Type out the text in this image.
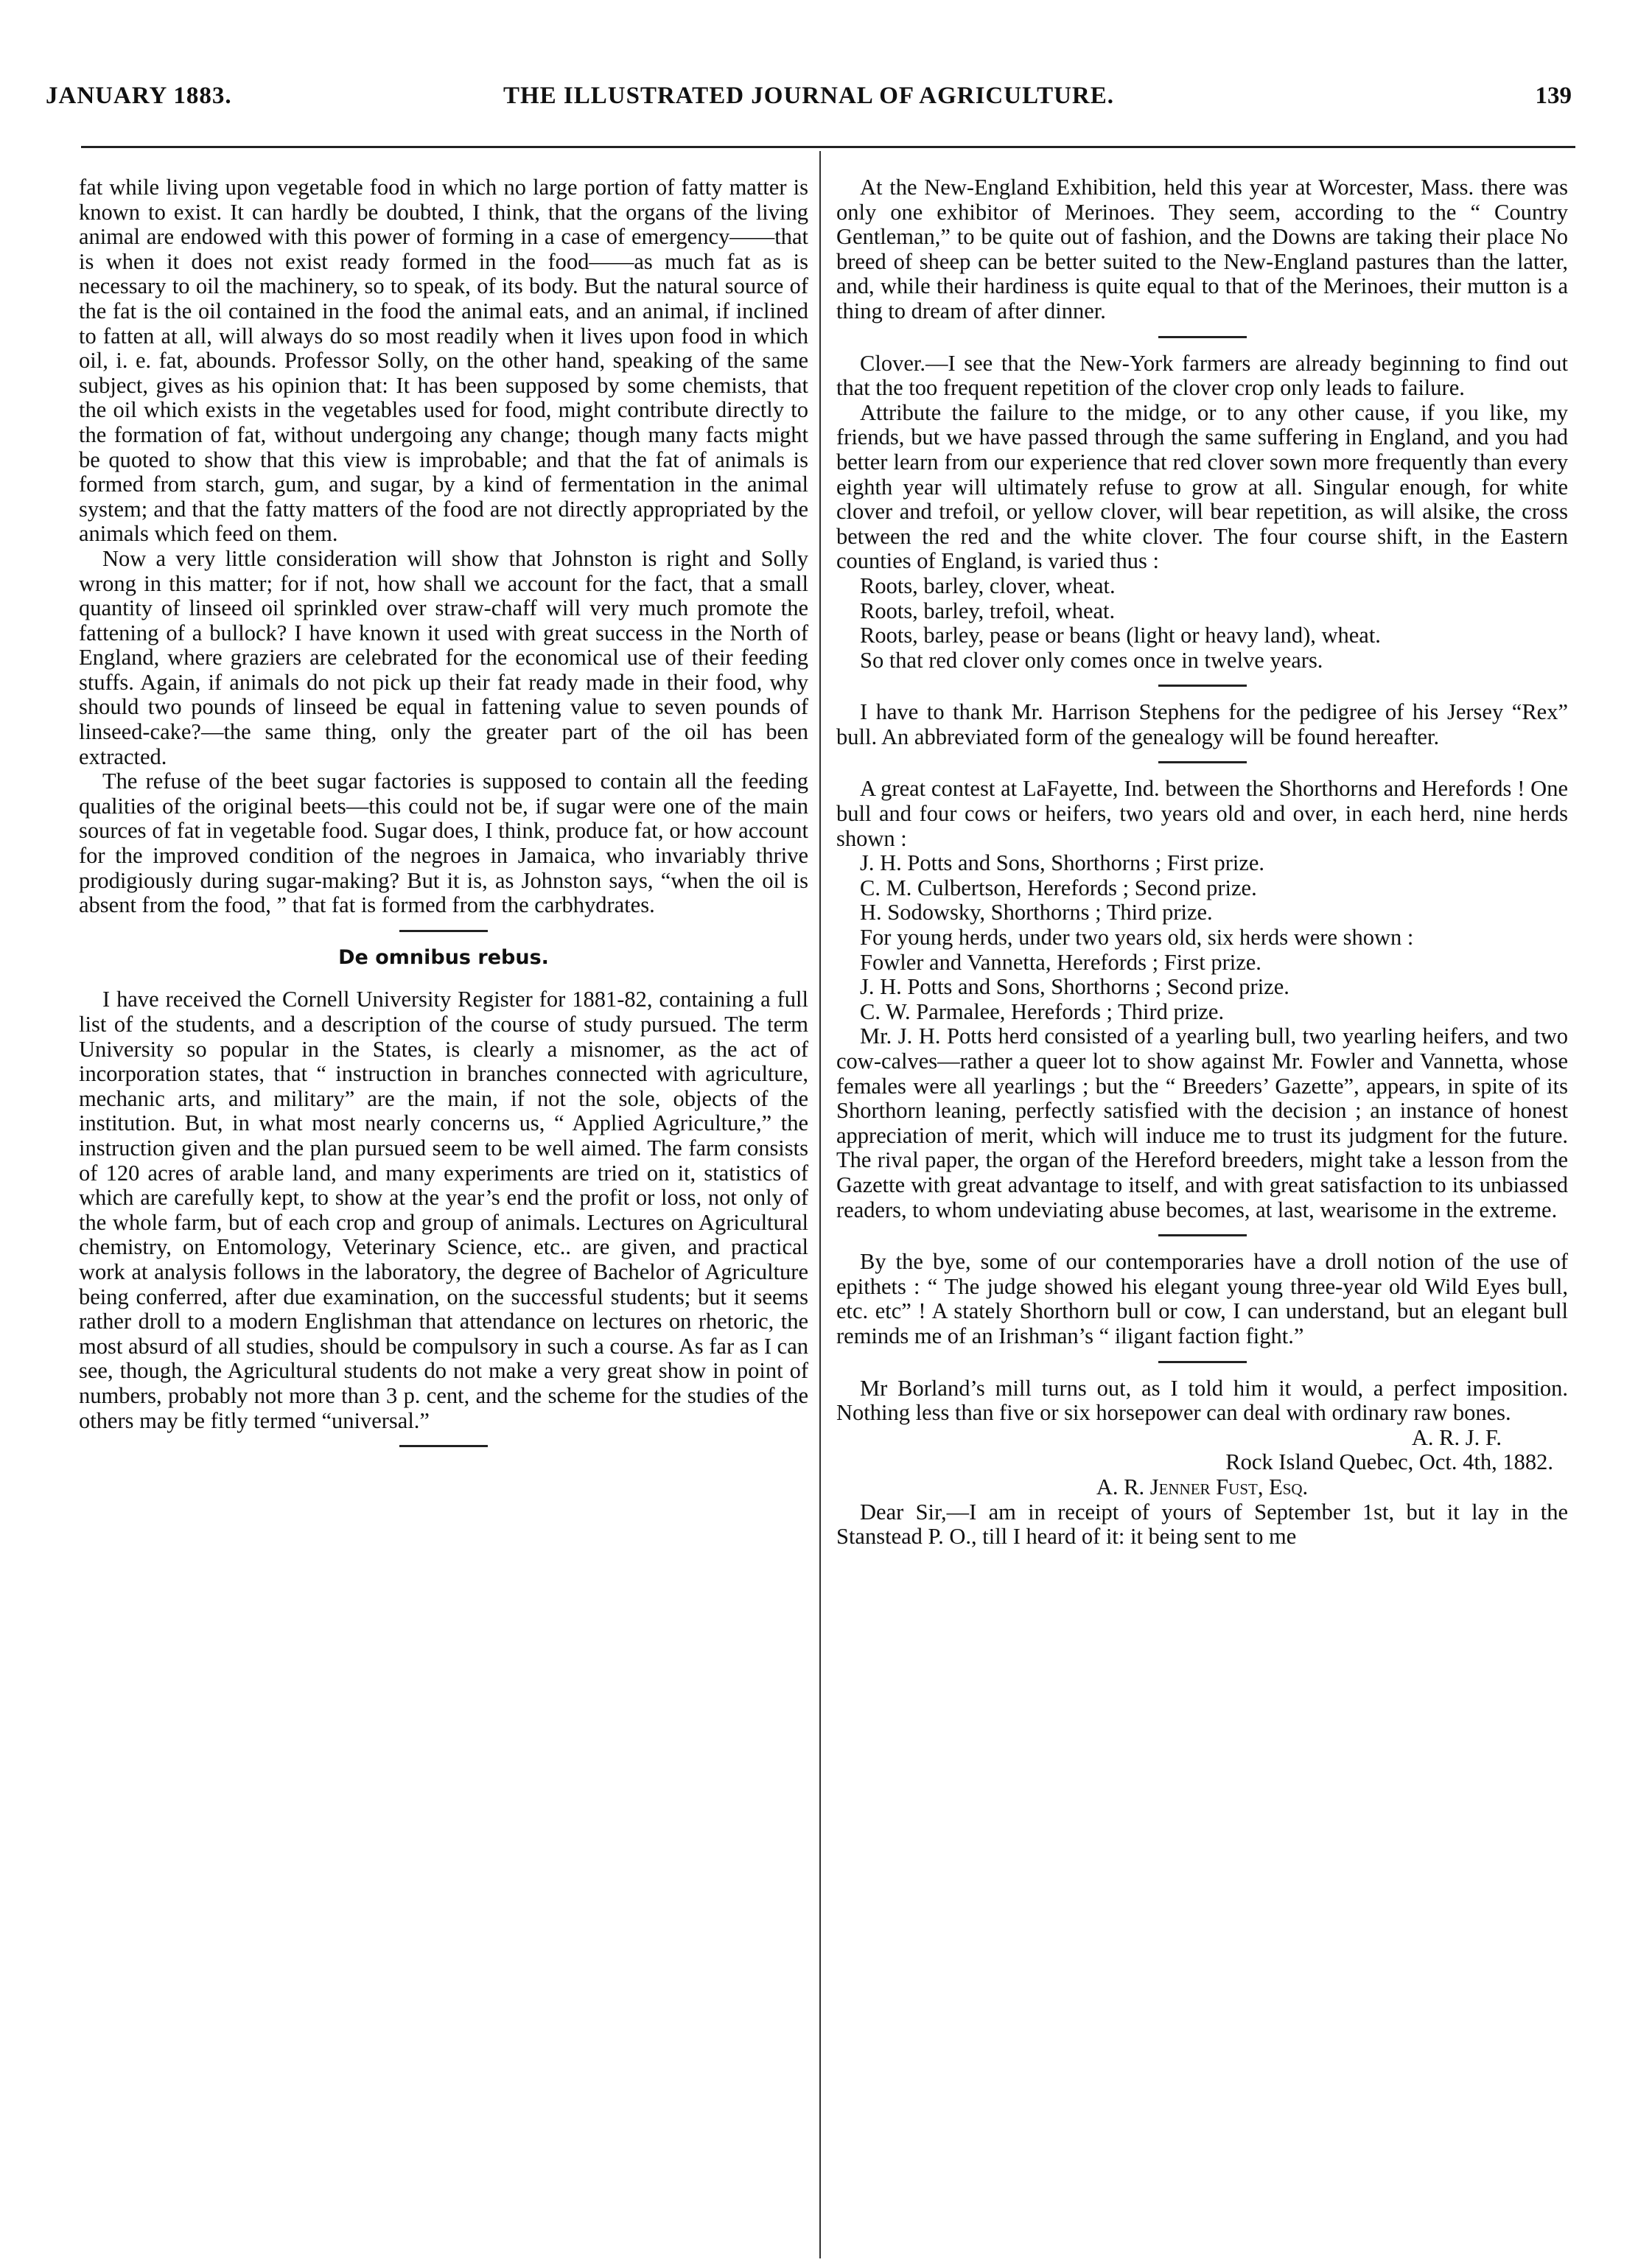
JANUARY 1883.	THE ILLUSTRATED JOURNAL OF AGRICULTURE.	139

fat while living upon vegetable food in which no large portion of fatty matter is known to exist. It can hardly be doubted, I think, that the organs of the living animal are endowed with this power of forming in a case of emergency——that is when it does not exist ready formed in the food——as much fat as is necessary to oil the machinery, so to speak, of its body. But the natural source of the fat is the oil contained in the food the animal eats, and an animal, if inclined to fatten at all, will always do so most readily when it lives upon food in which oil, i. e. fat, abounds. Professor Solly, on the other hand, speaking of the same subject, gives as his opinion that: It has been supposed by some chemists, that the oil which exists in the vegetables used for food, might contribute directly to the formation of fat, without undergoing any change; though many facts might be quoted to show that this view is improbable; and that the fat of animals is formed from starch, gum, and sugar, by a kind of fermentation in the animal system; and that the fatty matters of the food are not directly appropriated by the animals which feed on them.

Now a very little consideration will show that Johnston is right and Solly wrong in this matter; for if not, how shall we account for the fact, that a small quantity of linseed oil sprinkled over straw-chaff will very much promote the fattening of a bullock? I have known it used with great success in the North of England, where graziers are celebrated for the economical use of their feeding stuffs. Again, if animals do not pick up their fat ready made in their food, why should two pounds of linseed be equal in fattening value to seven pounds of linseed-cake?—the same thing, only the greater part of the oil has been extracted.

The refuse of the beet sugar factories is supposed to contain all the feeding qualities of the original beets—this could not be, if sugar were one of the main sources of fat in vegetable food. Sugar does, I think, produce fat, or how account for the improved condition of the negroes in Jamaica, who invariably thrive prodigiously during sugar-making? But it is, as Johnston says, “when the oil is absent from the food, ” that fat is formed from the carbhydrates.

De omnibus rebus.

I have received the Cornell University Register for 1881-82, containing a full list of the students, and a description of the course of study pursued. The term University so popular in the States, is clearly a misnomer, as the act of incorporation states, that “ instruction in branches connected with agriculture, mechanic arts, and military” are the main, if not the sole, objects of the institution. But, in what most nearly concerns us, “ Applied Agriculture,” the instruction given and the plan pursued seem to be well aimed. The farm consists of 120 acres of arable land, and many experiments are tried on it, statistics of which are carefully kept, to show at the year’s end the profit or loss, not only of the whole farm, but of each crop and group of animals. Lectures on Agricultural chemistry, on Entomology, Veterinary Science, etc.. are given, and practical work at analysis follows in the laboratory, the degree of Bachelor of Agriculture being conferred, after due examination, on the successful students; but it seems rather droll to a modern Englishman that attendance on lectures on rhetoric, the most absurd of all studies, should be compulsory in such a course. As far as I can see, though, the Agricultural students do not make a very great show in point of numbers, probably not more than 3 p. cent, and the scheme for the studies of the others may be fitly termed “universal.”

At the New-England Exhibition, held this year at Worcester, Mass. there was only one exhibitor of Merinoes. They seem, according to the “ Country Gentleman,” to be quite out of fashion, and the Downs are taking their place No breed of sheep can be better suited to the New-England pastures than the latter, and, while their hardiness is quite equal to that of the Merinoes, their mutton is a thing to dream of after dinner.

Clover.—I see that the New-York farmers are already beginning to find out that the too frequent repetition of the clover crop only leads to failure.

Attribute the failure to the midge, or to any other cause, if you like, my friends, but we have passed through the same suffering in England, and you had better learn from our experience that red clover sown more frequently than every eighth year will ultimately refuse to grow at all. Singular enough, for white clover and trefoil, or yellow clover, will bear repetition, as will alsike, the cross between the red and the white clover. The four course shift, in the Eastern counties of England, is varied thus :

Roots, barley, clover, wheat.

Roots, barley, trefoil, wheat.

Roots, barley, pease or beans (light or heavy land), wheat.

So that red clover only comes once in twelve years.

I have to thank Mr. Harrison Stephens for the pedigree of his Jersey “Rex” bull. An abbreviated form of the genealogy will be found hereafter.

A great contest at LaFayette, Ind. between the Shorthorns and Herefords ! One bull and four cows or heifers, two years old and over, in each herd, nine herds shown :

J. H. Potts and Sons, Shorthorns ; First prize.

C. M. Culbertson, Herefords ; Second prize.

H. Sodowsky, Shorthorns ; Third prize.

For young herds, under two years old, six herds were shown :

Fowler and Vannetta, Herefords ; First prize.

J. H. Potts and Sons, Shorthorns ; Second prize.

C. W. Parmalee, Herefords ; Third prize.

Mr. J. H. Potts herd consisted of a yearling bull, two yearling heifers, and two cow-calves—rather a queer lot to show against Mr. Fowler and Vannetta, whose females were all yearlings ; but the “ Breeders’ Gazette”, appears, in spite of its Shorthorn leaning, perfectly satisfied with the decision ; an instance of honest appreciation of merit, which will induce me to trust its judgment for the future. The rival paper, the organ of the Hereford breeders, might take a lesson from the Gazette with great advantage to itself, and with great satisfaction to its unbiassed readers, to whom undeviating abuse becomes, at last, wearisome in the extreme.

By the bye, some of our contemporaries have a droll notion of the use of epithets : “ The judge showed his elegant young three-year old Wild Eyes bull, etc. etc” ! A stately Shorthorn bull or cow, I can understand, but an elegant bull reminds me of an Irishman’s “ iligant faction fight.”

Mr Borland’s mill turns out, as I told him it would, a perfect imposition. Nothing less than five or six horsepower can deal with ordinary raw bones.

A. R. J. F.

Rock Island Quebec, Oct. 4th, 1882.

A. R. Jenner Fust, Esq.

Dear Sir,—I am in receipt of yours of September 1st, but it lay in the Stanstead P. O., till I heard of it: it being sent to me
